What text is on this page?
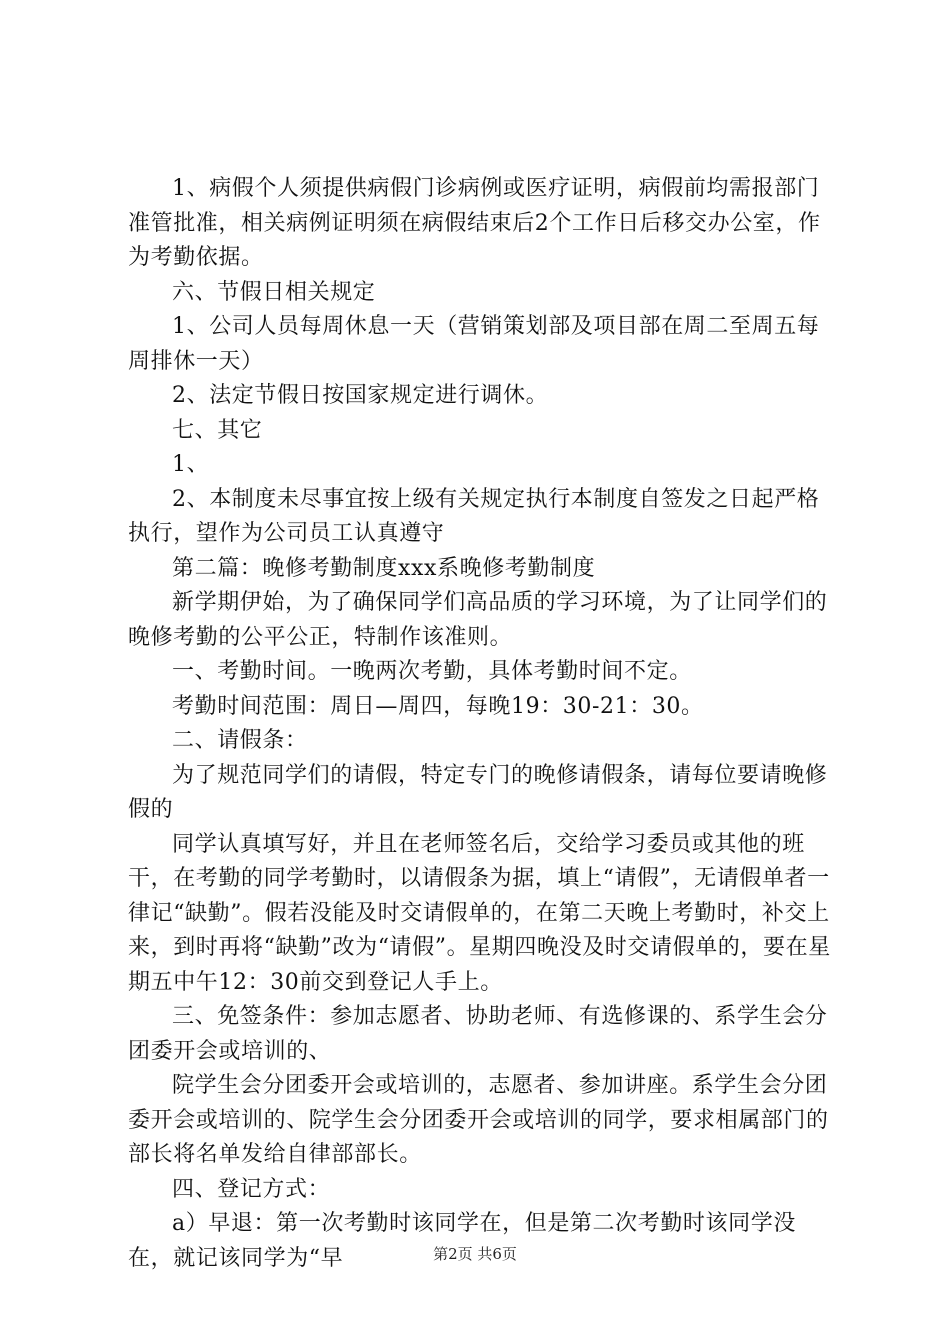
1、病假个人须提供病假门诊病例或医疗证明，病假前均需报部门准管批准，相关病例证明须在病假结束后2个工作日后移交办公室，作为考勤依据。

六、节假日相关规定

1、公司人员每周休息一天（营销策划部及项目部在周二至周五每周排休一天）

2、法定节假日按国家规定进行调休。

七、其它

1、

2、本制度未尽事宜按上级有关规定执行本制度自签发之日起严格执行，望作为公司员工认真遵守

第二篇：晚修考勤制度xxx系晚修考勤制度

新学期伊始，为了确保同学们高品质的学习环境，为了让同学们的晚修考勤的公平公正，特制作该准则。

一、考勤时间。一晚两次考勤，具体考勤时间不定。

考勤时间范围：周日—周四，每晚19：30-21：30。

二、请假条：

为了规范同学们的请假，特定专门的晚修请假条，请每位要请晚修假的

同学认真填写好，并且在老师签名后，交给学习委员或其他的班干，在考勤的同学考勤时，以请假条为据，填上“请假”，无请假单者一律记“缺勤”。假若没能及时交请假单的，在第二天晚上考勤时，补交上来，到时再将“缺勤”改为“请假”。星期四晚没及时交请假单的，要在星期五中午12：30前交到登记人手上。

三、免签条件：参加志愿者、协助老师、有选修课的、系学生会分团委开会或培训的、

院学生会分团委开会或培训的，志愿者、参加讲座。系学生会分团委开会或培训的、院学生会分团委开会或培训的同学，要求相属部门的部长将名单发给自律部部长。

四、登记方式：

a）早退：第一次考勤时该同学在，但是第二次考勤时该同学没在，就记该同学为“早	第2页 共6页
